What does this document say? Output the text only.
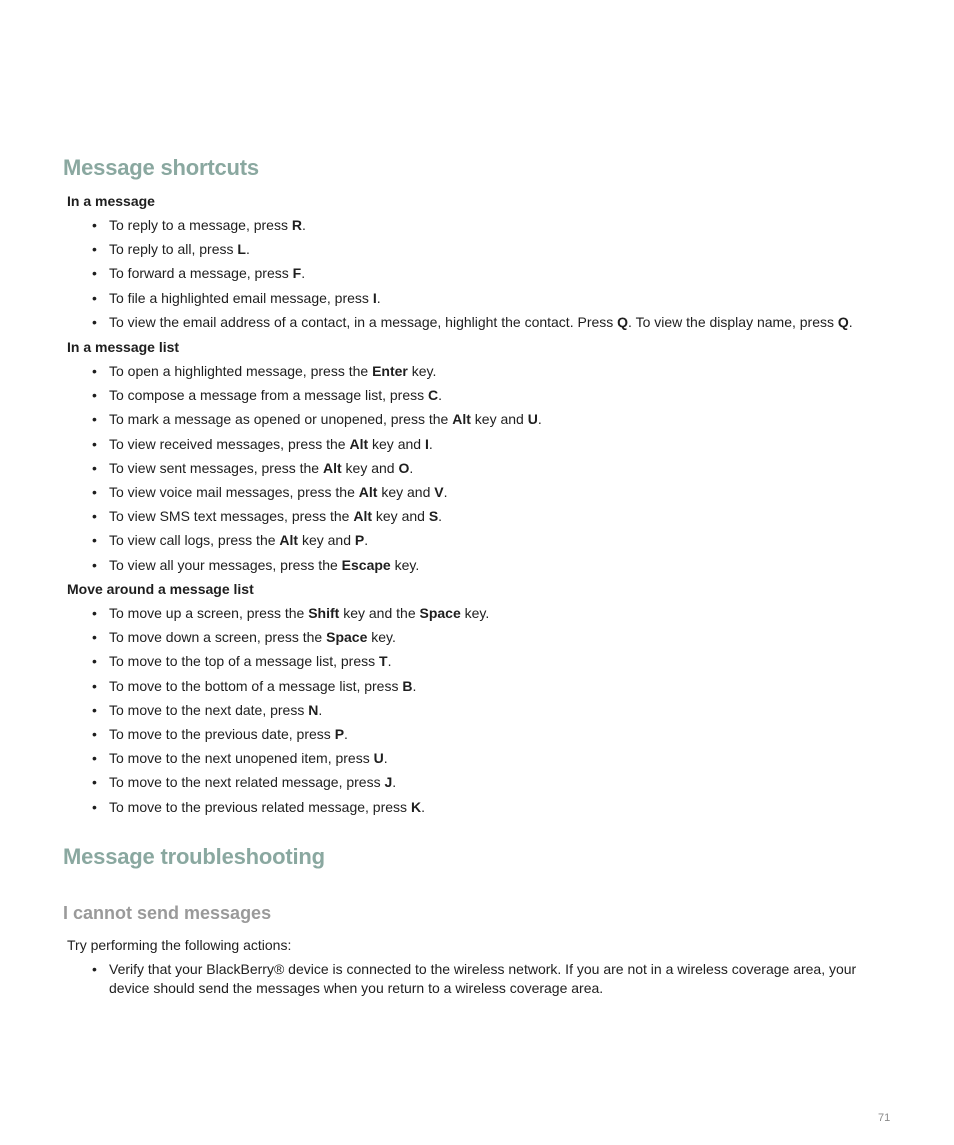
Message shortcuts
In a message
• To reply to a message, press R.
• To reply to all, press L.
• To forward a message, press F.
• To file a highlighted email message, press I.
• To view the email address of a contact, in a message, highlight the contact. Press Q. To view the display name, press Q.
In a message list
• To open a highlighted message, press the Enter key.
• To compose a message from a message list, press C.
• To mark a message as opened or unopened, press the Alt key and U.
• To view received messages, press the Alt key and I.
• To view sent messages, press the Alt key and O.
• To view voice mail messages, press the Alt key and V.
• To view SMS text messages, press the Alt key and S.
• To view call logs, press the Alt key and P.
• To view all your messages, press the Escape key.
Move around a message list
• To move up a screen, press the Shift key and the Space key.
• To move down a screen, press the Space key.
• To move to the top of a message list, press T.
• To move to the bottom of a message list, press B.
• To move to the next date, press N.
• To move to the previous date, press P.
• To move to the next unopened item, press U.
• To move to the next related message, press J.
• To move to the previous related message, press K.
Message troubleshooting
I cannot send messages
Try performing the following actions:
• Verify that your BlackBerry® device is connected to the wireless network. If you are not in a wireless coverage area, your device should send the messages when you return to a wireless coverage area.
71
